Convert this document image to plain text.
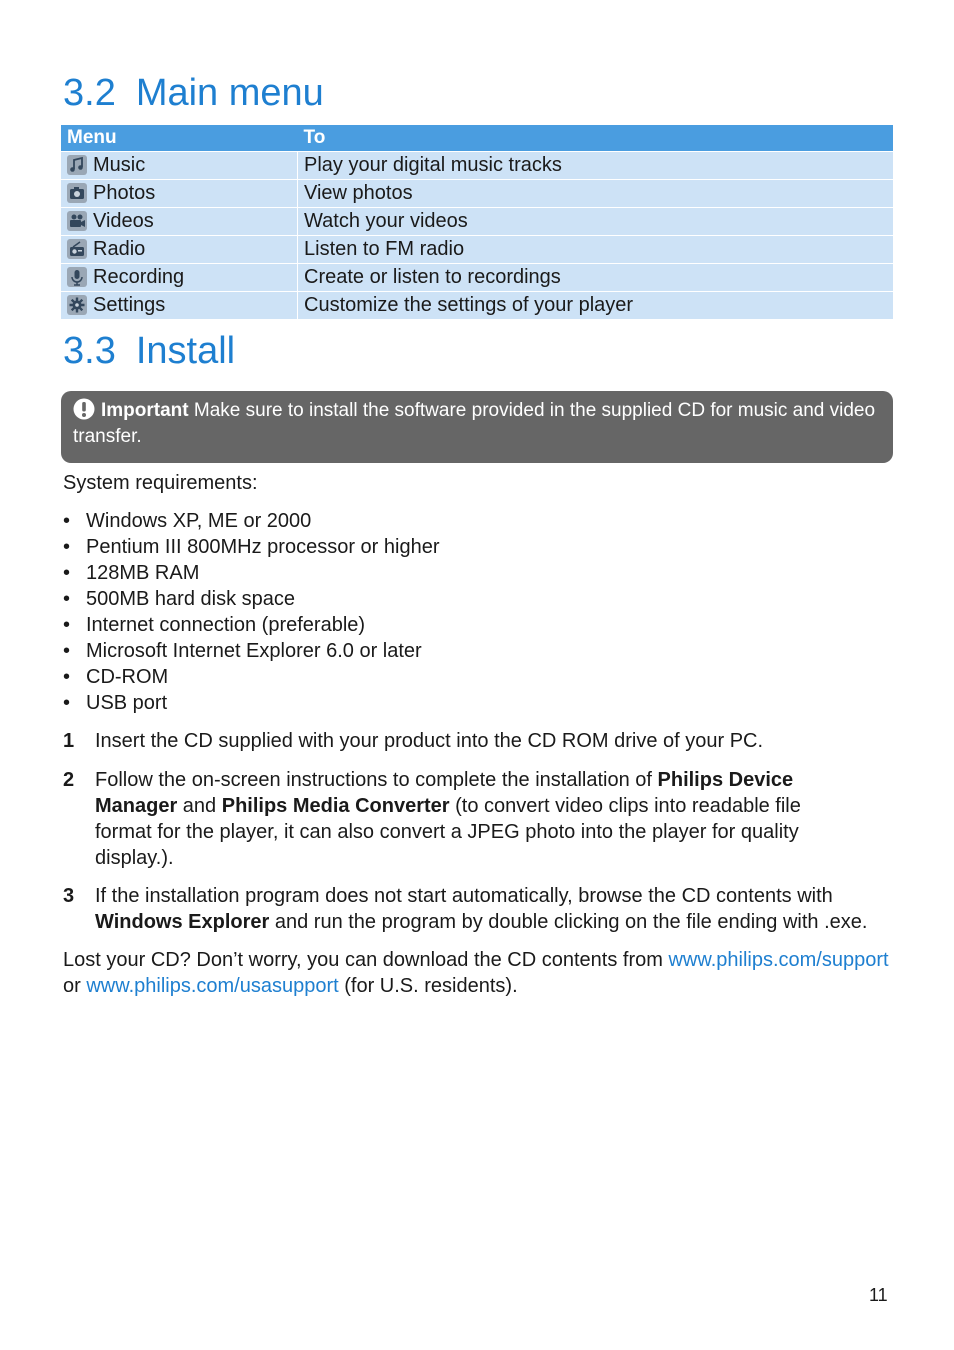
3.2 Main menu
Menu	To

Music	Play your digital music tracks

Photos	View photos

Videos	Watch your videos

Radio	Listen to FM radio

Recording	Create or listen to recordings

Settings	Customize the settings of your player
3.3 Install
Important Make sure to install the software provided in the supplied CD for music and video transfer.

System requirements:

• Windows XP, ME or 2000
• Pentium III 800MHz processor or higher
• 128MB RAM
• 500MB hard disk space
• Internet connection (preferable)
• Microsoft Internet Explorer 6.0 or later
• CD-ROM
• USB port
1 Insert the CD supplied with your product into the CD ROM drive of your PC.
2 Follow the on-screen instructions to complete the installation of Philips Device Manager and Philips Media Converter (to convert video clips into readable file format for the player, it can also convert a JPEG photo into the player for quality display.).
3 If the installation program does not start automatically, browse the CD contents with Windows Explorer and run the program by double clicking on the file ending with .exe.

Lost your CD? Don’t worry, you can download the CD contents from www.philips.com/support or www.philips.com/usasupport (for U.S. residents).

11
